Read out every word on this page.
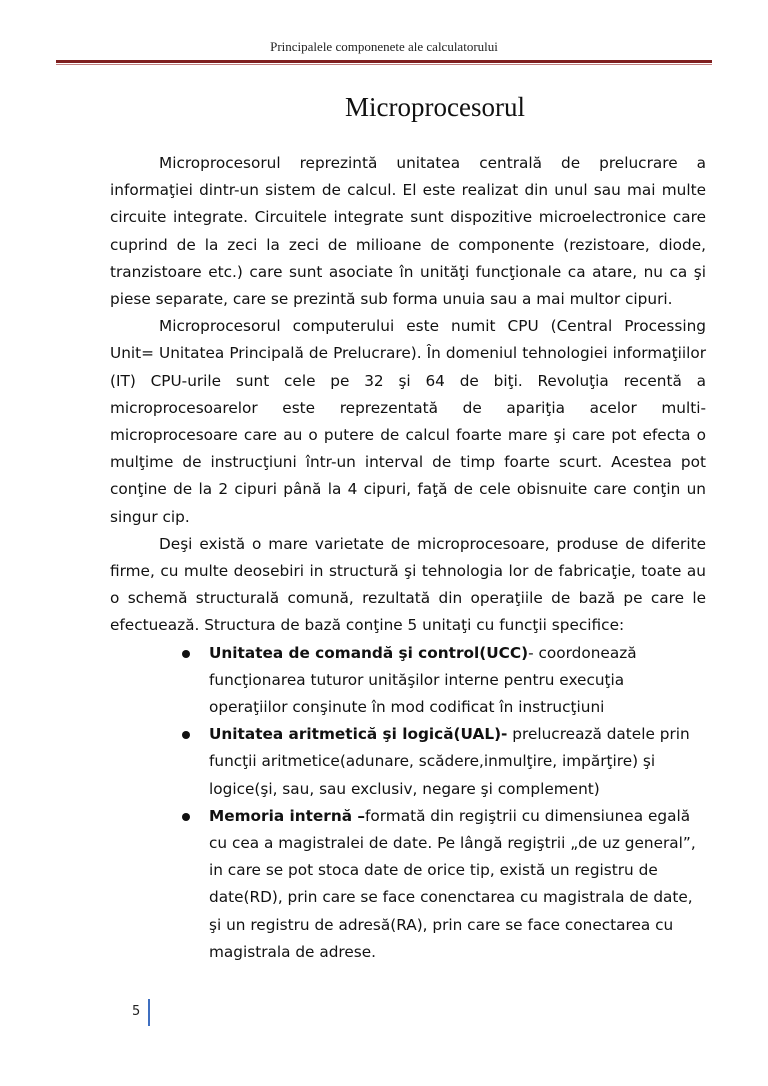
Principalele componenete ale calculatorului
Microprocesorul

Microprocesorul reprezintă unitatea centrală de prelucrare a informaţiei dintr-un sistem de calcul. El este realizat din unul sau mai multe circuite integrate. Circuitele integrate sunt dispozitive microelectronice care cuprind de la zeci la zeci de milioane de componente (rezistoare, diode, tranzistoare etc.) care sunt asociate în unităţi funcţionale ca atare, nu ca şi piese separate, care se prezintă sub forma unuia sau a mai multor cipuri.

Microprocesorul computerului este numit CPU (Central Processing Unit= Unitatea Principală de Prelucrare). În domeniul tehnologiei informaţiilor (IT) CPU-urile sunt cele pe 32 şi 64 de biţi. Revoluţia recentă a microprocesoarelor este reprezentată de apariţia acelor multi-microprocesoare care au o putere de calcul foarte mare şi care pot efecta o mulţime de instrucţiuni într-un interval de timp foarte scurt. Acestea pot conţine de la 2 cipuri până la 4 cipuri, faţă de cele obisnuite care conţin un singur cip.

Deşi există o mare varietate de microprocesoare, produse de diferite firme, cu multe deosebiri in structură şi tehnologia lor de fabricaţie, toate au o schemă structurală comună, rezultată din operaţiile de bază pe care le efectuează. Structura de bază conţine 5 unitaţi cu funcţii specifice:

Unitatea de comandă şi control(UCC)- coordonează funcţionarea tuturor unităşilor interne pentru execuţia operaţiilor conşinute în mod codificat în instrucţiuni
Unitatea aritmetică şi logică(UAL)- prelucrează datele prin funcţii aritmetice(adunare, scădere,inmulţire, impărţire) şi logice(şi, sau, sau exclusiv, negare şi complement)
Memoria internă –formată din regiştrii cu dimensiunea egală cu cea a magistralei de date. Pe lângă regiştrii „de uz general”, in care se pot stoca date de orice tip, există un registru de date(RD), prin care se face conenctarea cu magistrala de date, şi un registru de adresă(RA), prin care se face conectarea cu magistrala de adrese.
5
